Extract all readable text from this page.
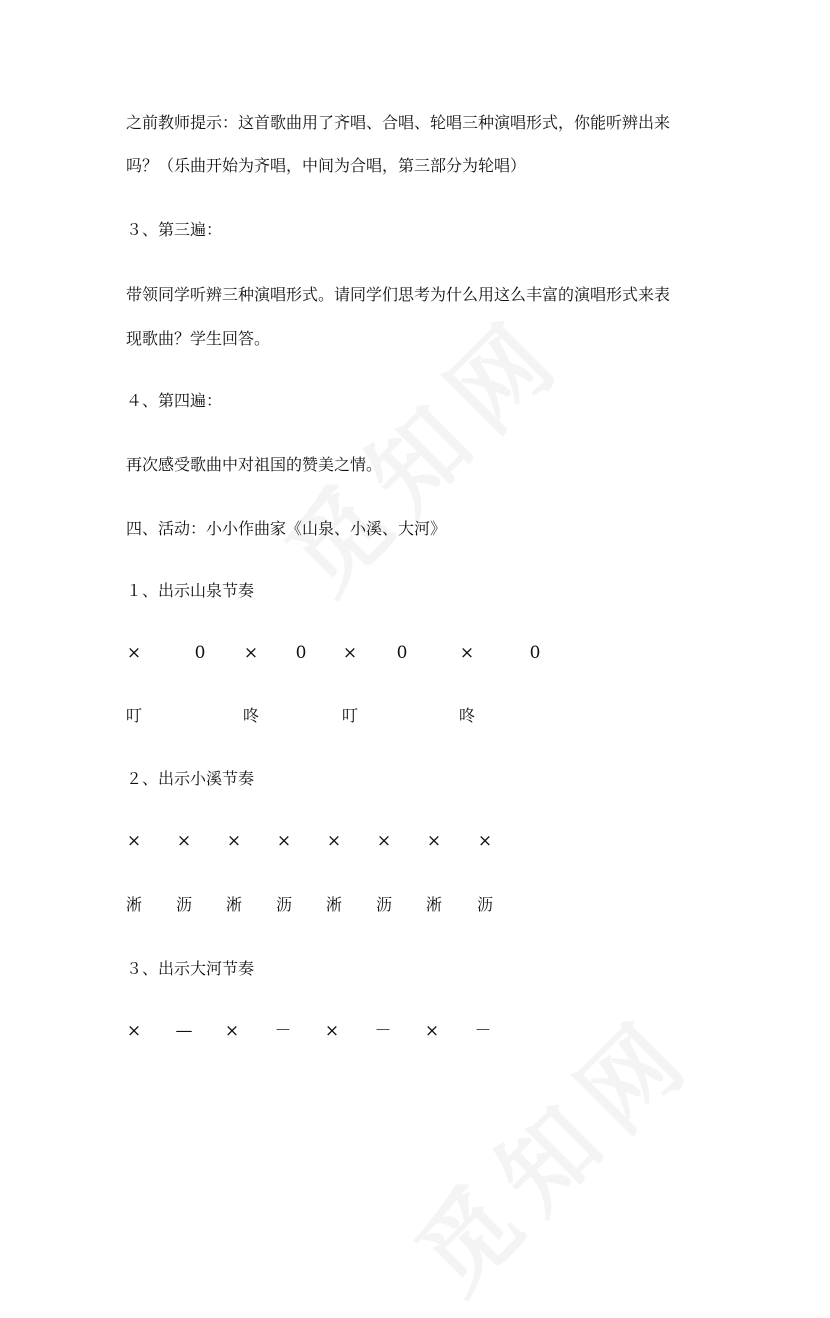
之前教师提示：这首歌曲用了齐唱、合唱、轮唱三种演唱形式，你能听辨出来

吗？（乐曲开始为齐唱，中间为合唱，第三部分为轮唱）

３、第三遍：

带领同学听辨三种演唱形式。请同学们思考为什么用这么丰富的演唱形式来表

现歌曲？学生回答。

４、第四遍：

再次感受歌曲中对祖国的赞美之情。

四、活动：小小作曲家《山泉、小溪、大河》

１、出示山泉节奏

×	0 × 0 × 0	×	0
叮	咚	叮	咚

２、出示小溪节奏

× × × × × × × ×
淅 沥 淅 沥 淅 沥 淅 沥

３、出示大河节奏

× — × － × － × －
